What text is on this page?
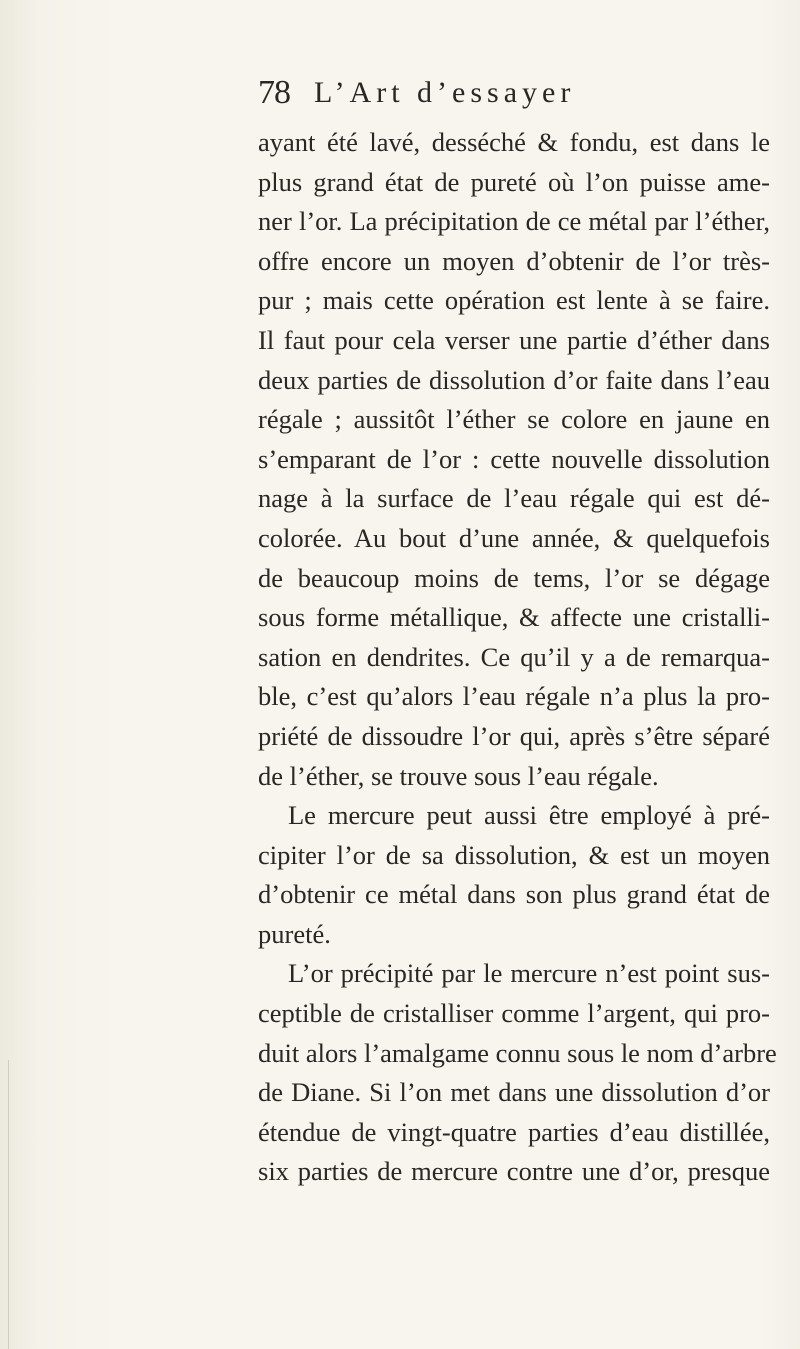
78 L’Art d’essayer
ayant été lavé, desséché & fondu, est dans le
plus grand état de pureté où l’on puisse ame-
ner l’or. La précipitation de ce métal par l’éther,
offre encore un moyen d’obtenir de l’or très-
pur ; mais cette opération est lente à se faire.
Il faut pour cela verser une partie d’éther dans
deux parties de dissolution d’or faite dans l’eau
régale ; aussitôt l’éther se colore en jaune en
s’emparant de l’or : cette nouvelle dissolution
nage à la surface de l’eau régale qui est dé-
colorée. Au bout d’une année, & quelquefois
de beaucoup moins de tems, l’or se dégage
sous forme métallique, & affecte une cristalli-
sation en dendrites. Ce qu’il y a de remarqua-
ble, c’est qu’alors l’eau régale n’a plus la pro-
priété de dissoudre l’or qui, après s’être séparé
de l’éther, se trouve sous l’eau régale.
Le mercure peut aussi être employé à pré-
cipiter l’or de sa dissolution, & est un moyen
d’obtenir ce métal dans son plus grand état de
pureté.
L’or précipité par le mercure n’est point sus-
ceptible de cristalliser comme l’argent, qui pro-
duit alors l’amalgame connu sous le nom d’arbre
de Diane. Si l’on met dans une dissolution d’or
étendue de vingt-quatre parties d’eau distillée,
six parties de mercure contre une d’or, presque
